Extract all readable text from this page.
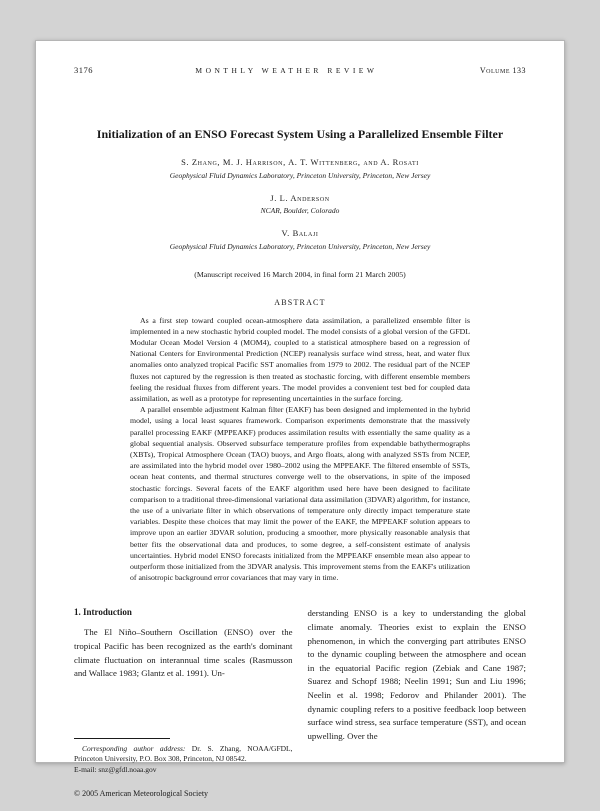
3176	MONTHLY WEATHER REVIEW	Volume 133
Initialization of an ENSO Forecast System Using a Parallelized Ensemble Filter
S. Zhang, M. J. Harrison, A. T. Wittenberg, and A. Rosati
Geophysical Fluid Dynamics Laboratory, Princeton University, Princeton, New Jersey
J. L. Anderson
NCAR, Boulder, Colorado
V. Balaji
Geophysical Fluid Dynamics Laboratory, Princeton University, Princeton, New Jersey
(Manuscript received 16 March 2004, in final form 21 March 2005)
ABSTRACT

As a first step toward coupled ocean-atmosphere data assimilation, a parallelized ensemble filter is implemented in a new stochastic hybrid coupled model. The model consists of a global version of the GFDL Modular Ocean Model Version 4 (MOM4), coupled to a statistical atmosphere based on a regression of National Centers for Environmental Prediction (NCEP) reanalysis surface wind stress, heat, and water flux anomalies onto analyzed tropical Pacific SST anomalies from 1979 to 2002. The residual part of the NCEP fluxes not captured by the regression is then treated as stochastic forcing, with different ensemble members feeling the residual fluxes from different years. The model provides a convenient test bed for coupled data assimilation, as well as a prototype for representing uncertainties in the surface forcing.

A parallel ensemble adjustment Kalman filter (EAKF) has been designed and implemented in the hybrid model, using a local least squares framework. Comparison experiments demonstrate that the massively parallel processing EAKF (MPPEAKF) produces assimilation results with essentially the same quality as a global sequential analysis. Observed subsurface temperature profiles from expendable bathythermographs (XBTs), Tropical Atmosphere Ocean (TAO) buoys, and Argo floats, along with analyzed SSTs from NCEP, are assimilated into the hybrid model over 1980–2002 using the MPPEAKF. The filtered ensemble of SSTs, ocean heat contents, and thermal structures converge well to the observations, in spite of the imposed stochastic forcings. Several facets of the EAKF algorithm used here have been designed to facilitate comparison to a traditional three-dimensional variational data assimilation (3DVAR) algorithm, for instance, the use of a univariate filter in which observations of temperature only directly impact temperature state variables. Despite these choices that may limit the power of the EAKF, the MPPEAKF solution appears to improve upon an earlier 3DVAR solution, producing a smoother, more physically reasonable analysis that better fits the observational data and produces, to some degree, a self-consistent estimate of analysis uncertainties. Hybrid model ENSO forecasts initialized from the MPPEAKF ensemble mean also appear to outperform those initialized from the 3DVAR analysis. This improvement stems from the EAKF's utilization of anisotropic background error covariances that may vary in time.

1. Introduction

The El Niño–Southern Oscillation (ENSO) over the tropical Pacific has been recognized as the earth's dominant climate fluctuation on interannual time scales (Rasmusson and Wallace 1983; Glantz et al. 1991). Un-

Corresponding author address: Dr. S. Zhang, NOAA/GFDL, Princeton University, P.O. Box 308, Princeton, NJ 08542.

E-mail: snz@gfdl.noaa.gov

derstanding ENSO is a key to understanding the global climate anomaly. Theories exist to explain the ENSO phenomenon, in which the converging part attributes ENSO to the dynamic coupling between the atmosphere and ocean in the equatorial Pacific region (Zebiak and Cane 1987; Suarez and Schopf 1988; Neelin 1991; Sun and Liu 1996; Neelin et al. 1998; Fedorov and Philander 2001). The dynamic coupling refers to a positive feedback loop between surface wind stress, sea surface temperature (SST), and ocean upwelling. Over the

© 2005 American Meteorological Society
